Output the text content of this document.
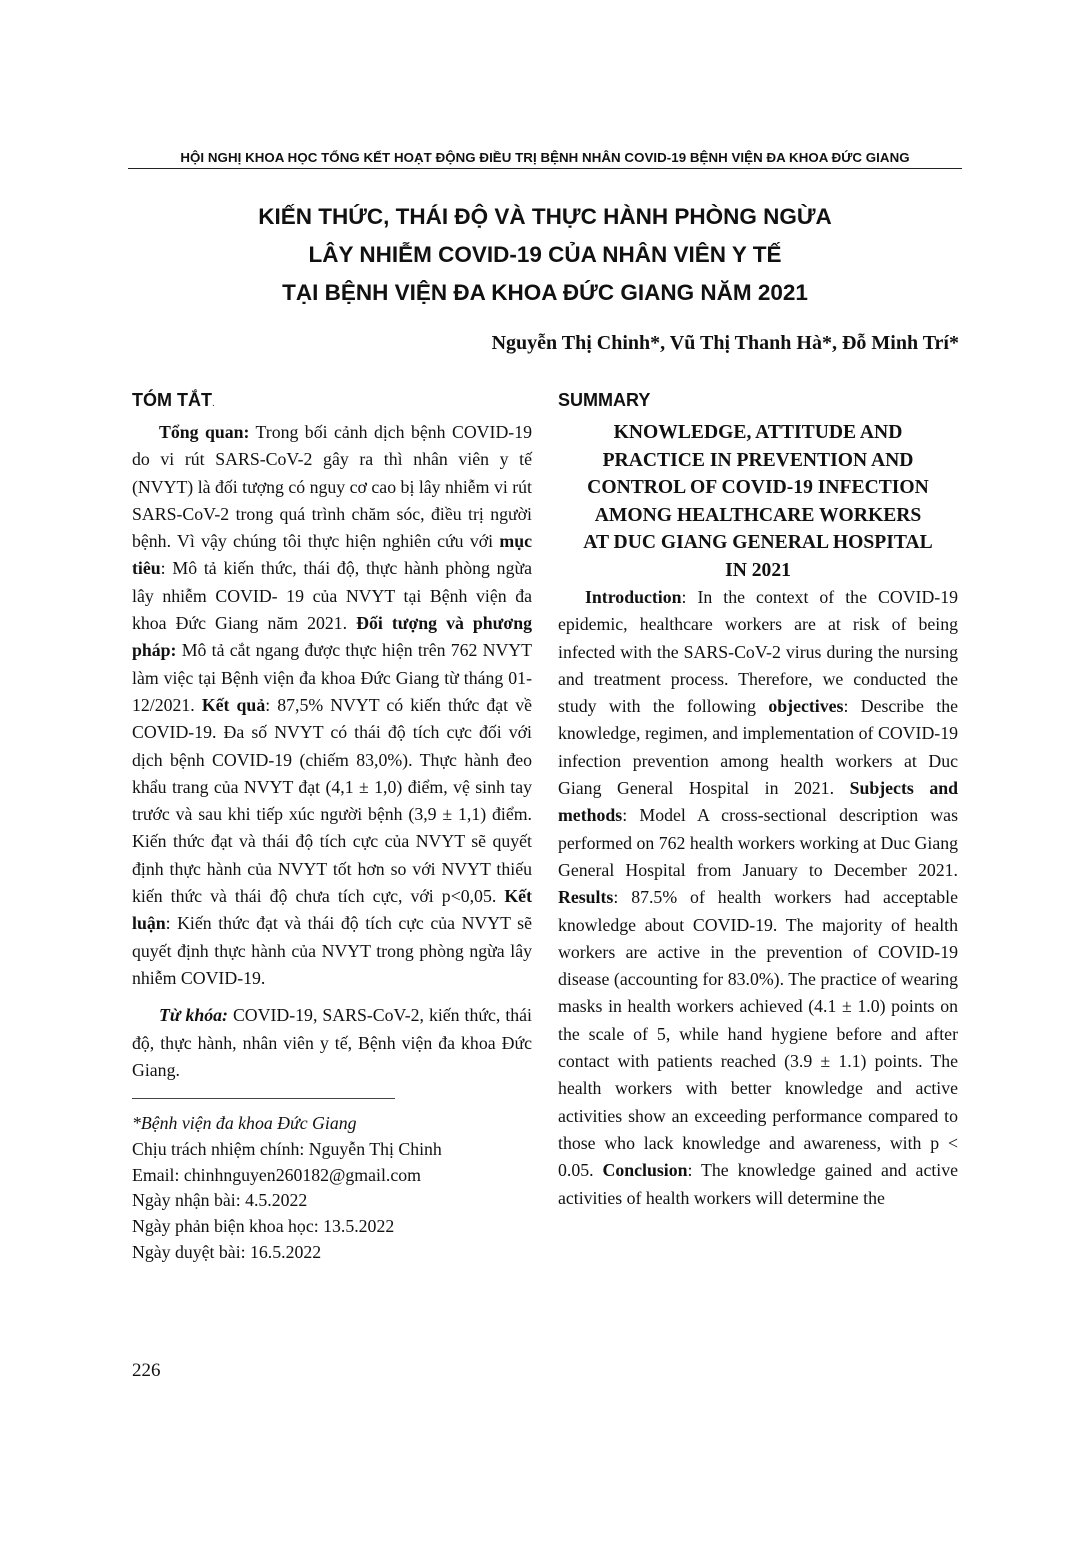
HỘI NGHỊ KHOA HỌC TỔNG KẾT HOẠT ĐỘNG ĐIỀU TRỊ BỆNH NHÂN COVID-19 BỆNH VIỆN ĐA KHOA ĐỨC GIANG
KIẾN THỨC, THÁI ĐỘ VÀ THỰC HÀNH PHÒNG NGỪA
LÂY NHIỄM COVID-19 CỦA NHÂN VIÊN Y TẾ
TẠI BỆNH VIỆN ĐA KHOA ĐỨC GIANG NĂM 2021
Nguyễn Thị Chinh*, Vũ Thị Thanh Hà*, Đỗ Minh Trí*
TÓM TẮT.

Tổng quan: Trong bối cảnh dịch bệnh COVID-19 do vi rút SARS-CoV-2 gây ra thì nhân viên y tế (NVYT) là đối tượng có nguy cơ cao bị lây nhiễm vi rút SARS-CoV-2 trong quá trình chăm sóc, điều trị người bệnh. Vì vậy chúng tôi thực hiện nghiên cứu với mục tiêu: Mô tả kiến thức, thái độ, thực hành phòng ngừa lây nhiễm COVID- 19 của NVYT tại Bệnh viện đa khoa Đức Giang năm 2021. Đối tượng và phương pháp: Mô tả cắt ngang được thực hiện trên 762 NVYT làm việc tại Bệnh viện đa khoa Đức Giang từ tháng 01- 12/2021. Kết quả: 87,5% NVYT có kiến thức đạt về COVID-19. Đa số NVYT có thái độ tích cực đối với dịch bệnh COVID-19 (chiếm 83,0%). Thực hành đeo khẩu trang của NVYT đạt (4,1 ± 1,0) điểm, vệ sinh tay trước và sau khi tiếp xúc người bệnh (3,9 ± 1,1) điểm. Kiến thức đạt và thái độ tích cực của NVYT sẽ quyết định thực hành của NVYT tốt hơn so với NVYT thiếu kiến thức và thái độ chưa tích cực, với p<0,05. Kết luận: Kiến thức đạt và thái độ tích cực của NVYT sẽ quyết định thực hành của NVYT trong phòng ngừa lây nhiễm COVID-19.

Từ khóa: COVID-19, SARS-CoV-2, kiến thức, thái độ, thực hành, nhân viên y tế, Bệnh viện đa khoa Đức Giang.

*Bệnh viện đa khoa Đức Giang
Chịu trách nhiệm chính: Nguyễn Thị Chinh
Email: chinhnguyen260182@gmail.com
Ngày nhận bài: 4.5.2022
Ngày phản biện khoa học: 13.5.2022
Ngày duyệt bài: 16.5.2022
SUMMARY
KNOWLEDGE, ATTITUDE AND
PRACTICE IN PREVENTION AND
CONTROL OF COVID-19 INFECTION
AMONG HEALTHCARE WORKERS
AT DUC GIANG GENERAL HOSPITAL
IN 2021

Introduction: In the context of the COVID-19 epidemic, healthcare workers are at risk of being infected with the SARS-CoV-2 virus during the nursing and treatment process. Therefore, we conducted the study with the following objectives: Describe the knowledge, regimen, and implementation of COVID-19 infection prevention among health workers at Duc Giang General Hospital in 2021. Subjects and methods: Model A cross-sectional description was performed on 762 health workers working at Duc Giang General Hospital from January to December 2021. Results: 87.5% of health workers had acceptable knowledge about COVID-19. The majority of health workers are active in the prevention of COVID-19 disease (accounting for 83.0%). The practice of wearing masks in health workers achieved (4.1 ± 1.0) points on the scale of 5, while hand hygiene before and after contact with patients reached (3.9 ± 1.1) points. The health workers with better knowledge and active activities show an exceeding performance compared to those who lack knowledge and awareness, with p < 0.05. Conclusion: The knowledge gained and active activities of health workers will determine the

226
